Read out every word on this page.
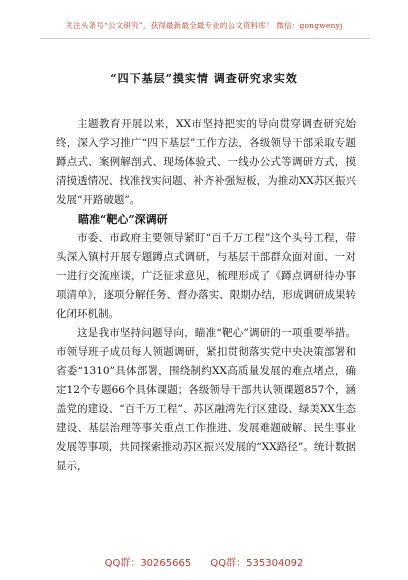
关注头条号“公文研究”，获得最新最全最专业的公文资料库！ 微信：gongwenyj
“四下基层”摸实情 调查研究求实效

主题教育开展以来，XX市坚持把实的导向贯穿调查研究始终，深入学习推广“四下基层”工作方法，各级领导干部采取专题蹲点式、案例解剖式、现场体验式、一线办公式等调研方式，摸清摸透情况、找准找实问题、补齐补强短板，为推动XX苏区振兴发展“开路破题”。

瞄准“靶心”深调研

市委、市政府主要领导紧盯“百千万工程”这个头号工程，带头深入镇村开展专题蹲点式调研，与基层干部群众面对面、一对一进行交流座谈，广泛征求意见，梳理形成了《蹲点调研待办事项清单》，逐项分解任务、督办落实、限期办结，形成调研成果转化闭环机制。

这是我市坚持问题导向，瞄准“靶心”调研的一项重要举措。市领导班子成员每人领题调研，紧扣贯彻落实党中央决策部署和省委“1310”具体部署，围绕制约XX高质量发展的难点堵点，确定12个专题66个具体课题；各级领导干部共认领课题857个，涵盖党的建设、“百千万工程”、苏区融湾先行区建设、绿美XX生态建设、基层治理等事关重点工作推进、发展难题破解、民生事业发展等事项，共同探索推动苏区振兴发展的“XX路径”。统计数据显示，

QQ群：30265665 QQ群：535304092
